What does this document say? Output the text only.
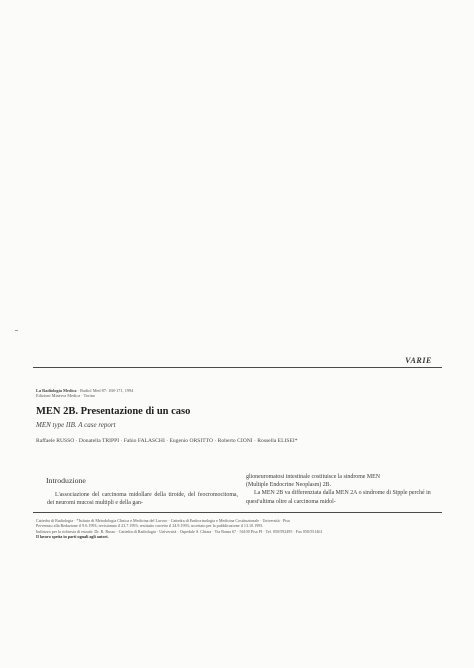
VARIE
La Radiologia Medica · Radiol Med 87: 168-171, 1994
Edizioni Minerva Medica · Torino
MEN 2B. Presentazione di un caso
MEN type IIB. A case report
Raffaele RUSSO · Donatella TRIPPI · Fabio FALASCHI · Eugenio ORSITTO · Roberto CIONI · Rossella ELISEI*
Introduzione

L'associazione del carcinoma midollare della tiroide, del feocromocitoma, dei neuromi mucosi multipli e della gan-

glioneuromatosi intestinale costituisce la sindrome MEN

(Multiple Endocrine Neoplasm) 2B.

La MEN 2B va differenziata dalla MEN 2A o sindrome di Sipple perché in quest'ultima oltre al carcinoma midol-

Cattedra di Radiologia · *Istituto di Metodologia Clinica e Medicina del Lavoro · Cattedra di Endocrinologia e Medicina Costituzionale · Università · Pisa

Pervenuto alla Redazione il 9.6.1993; revisionato il 23.7.1993; restituito corretto il 24.9.1993; accettato per la pubblicazione il 13.10.1993.

Indirizzo per la richiesta di estratti: Dr. R. Russo · Cattedra di Radiologia · Università · Ospedale S. Chiara · Via Roma 67 · 56100 Pisa PI · Tel. 050/592495 · Fax 050/551461

Il lavoro spetta in parti uguali agli autori.
